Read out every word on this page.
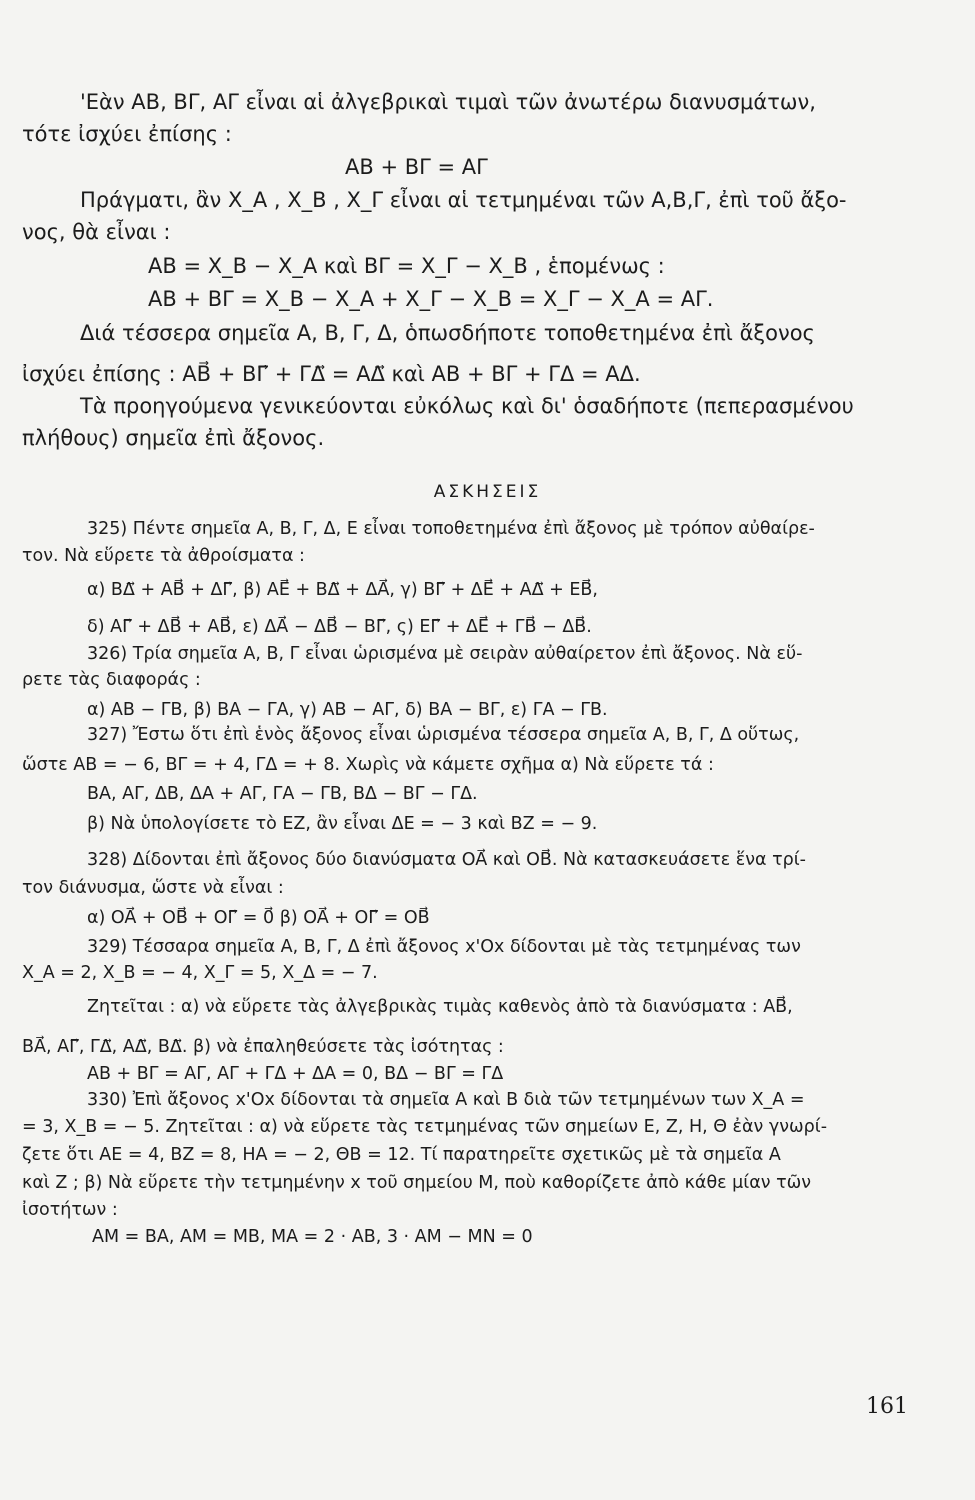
'Εὰν AB, BΓ, AΓ εἶναι αἱ ἀλγεβρικαὶ τιμαὶ τῶν ἀνωτέρω διανυσμάτων,

τότε ἰσχύει ἐπίσης :

AB + BΓ = AΓ

Πράγματι, ἂν X_A , X_B , X_Γ εἶναι αἱ τετμημέναι τῶν A,B,Γ, ἐπὶ τοῦ ἄξο-

νος, θὰ εἶναι :

AB = X_B − X_A καὶ BΓ = X_Γ − X_B , ἑπομένως :

AB + BΓ = X_B − X_A + X_Γ − X_B = X_Γ − X_A = AΓ.

Διά τέσσερα σημεῖα A, B, Γ, Δ, ὁπωσδήποτε τοποθετημένα ἐπὶ ἄξονος

ἰσχύει ἐπίσης : AB⃗ + BΓ⃗ + ΓΔ⃗ = AΔ⃗ καὶ AB + BΓ + ΓΔ = AΔ.

Τὰ προηγούμενα γενικεύονται εὐκόλως καὶ δι' ὁσαδήποτε (πεπερασμένου

πλήθους) σημεῖα ἐπὶ ἄξονος.

ΑΣΚΗΣΕΙΣ

325) Πέντε σημεῖα A, B, Γ, Δ, E εἶναι τοποθετημένα ἐπὶ ἄξονος μὲ τρόπον αὐθαίρε-

τον. Νὰ εὕρετε τὰ ἀθροίσματα :

α) BΔ⃗ + AB⃗ + ΔΓ⃗, β) AE⃗ + BΔ⃗ + ΔA⃗, γ) BΓ⃗ + ΔE⃗ + AΔ⃗ + EB⃗,

δ) AΓ⃗ + ΔB⃗ + AB⃗, ε) ΔA⃗ − ΔB⃗ − BΓ⃗, ς) EΓ⃗ + ΔE⃗ + ΓB⃗ − ΔB⃗.

326) Τρία σημεῖα A, B, Γ εἶναι ὡρισμένα μὲ σειρὰν αὐθαίρετον ἐπὶ ἄξονος. Νὰ εὕ-

ρετε τὰς διαφοράς :

α) AB − ΓB, β) BA − ΓA, γ) AB − AΓ, δ) BA − BΓ, ε) ΓA − ΓB.

327) Ἔστω ὅτι ἐπὶ ἑνὸς ἄξονος εἶναι ὡρισμένα τέσσερα σημεῖα A, B, Γ, Δ οὕτως,

ὥστε AB = − 6, BΓ = + 4, ΓΔ = + 8. Χωρὶς νὰ κάμετε σχῆμα α) Νὰ εὕρετε τά :

BA, AΓ, ΔB, ΔA + AΓ, ΓA − ΓB, BΔ − BΓ − ΓΔ.

β) Νὰ ὑπολογίσετε τὸ EZ, ἂν εἶναι ΔE = − 3 καὶ BZ = − 9.

328) Δίδονται ἐπὶ ἄξονος δύο διανύσματα OA⃗ καὶ OB⃗. Νὰ κατασκευάσετε ἕνα τρί-

τον διάνυσμα, ὥστε νὰ εἶναι :

α) OA⃗ + OB⃗ + OΓ⃗ = 0⃗ β) OA⃗ + OΓ⃗ = OB⃗

329) Τέσσαρα σημεῖα A, B, Γ, Δ ἐπὶ ἄξονος x'Ox δίδονται μὲ τὰς τετμημένας των

X_A = 2, X_B = − 4, X_Γ = 5, X_Δ = − 7.

Ζητεῖται : α) νὰ εὕρετε τὰς ἀλγεβρικὰς τιμὰς καθενὸς ἀπὸ τὰ διανύσματα : AB⃗,

BA⃗, AΓ⃗, ΓΔ⃗, AΔ⃗, BΔ⃗. β) νὰ ἐπαληθεύσετε τὰς ἰσότητας :

AB + BΓ = AΓ, AΓ + ΓΔ + ΔA = 0, BΔ − BΓ = ΓΔ

330) Ἐπὶ ἄξονος x'Ox δίδονται τὰ σημεῖα A καὶ B διὰ τῶν τετμημένων των X_A =

= 3, X_B = − 5. Ζητεῖται : α) νὰ εὕρετε τὰς τετμημένας τῶν σημείων E, Z, H, Θ ἐὰν γνωρί-

ζετε ὅτι AE = 4, BZ = 8, HA = − 2, ΘB = 12. Τί παρατηρεῖτε σχετικῶς μὲ τὰ σημεῖα A

καὶ Z ; β) Νὰ εὕρετε τὴν τετμημένην x τοῦ σημείου M, ποὺ καθορίζετε ἀπὸ κάθε μίαν τῶν

ἰσοτήτων :

AM = BA, AM = MB, MA = 2 · AB, 3 · AM − MN = 0

161
